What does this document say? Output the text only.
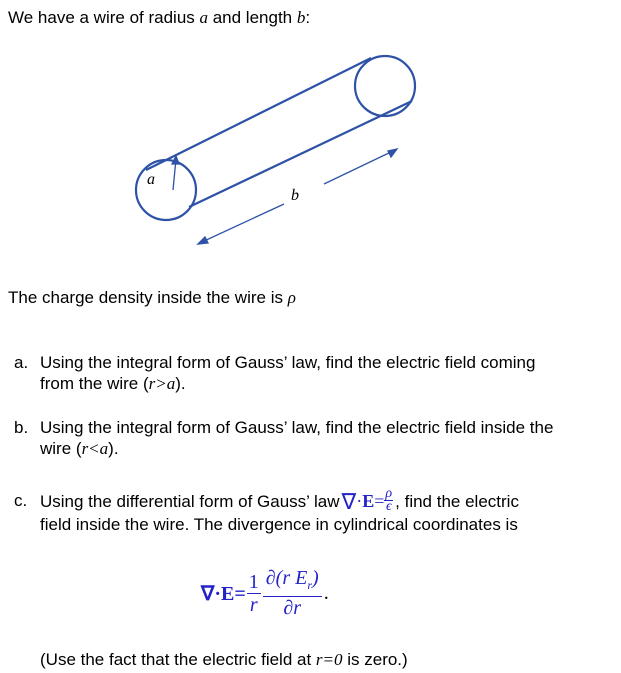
We have a wire of radius a and length b:
a
b
The charge density inside the wire is ρ
a. Using the integral form of Gauss’ law, find the electric field coming
from the wire (r>a).
b. Using the integral form of Gauss’ law, find the electric field inside the
wire (r<a).
c. Using the differential form of Gauss’ law ∇ · $E = \frac{\rho}{\epsilon}$ , find the electric
field inside the wire. The divergence in cylindrical coordinates is
$\nabla\cdot E= \frac{1}{r} \partial(r$ $E_r$)
∂r
.
(Use the fact that the electric field at r=0 is zero.)
